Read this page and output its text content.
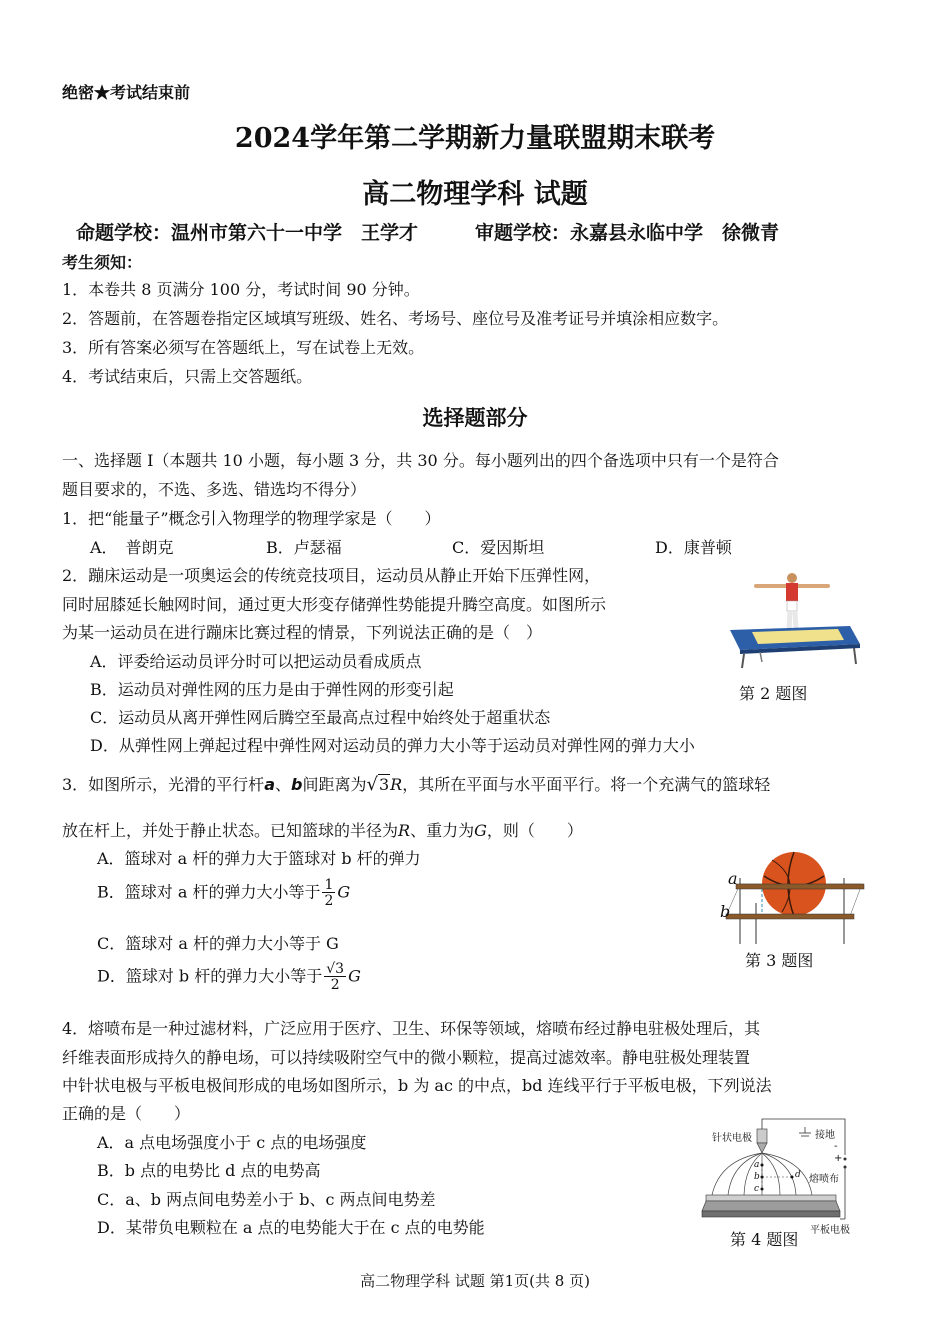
绝密★考试结束前
2024学年第二学期新力量联盟期末联考
高二物理学科 试题
命题学校：温州市第六十一中学　王学才　　　审题学校：永嘉县永临中学　徐微青
考生须知：
1．本卷共 8 页满分 100 分，考试时间 90 分钟。
2．答题前，在答题卷指定区域填写班级、姓名、考场号、座位号及准考证号并填涂相应数字。
3．所有答案必须写在答题纸上，写在试卷上无效。
4．考试结束后，只需上交答题纸。
选择题部分
一、选择题 I（本题共 10 小题，每小题 3 分，共 30 分。每小题列出的四个备选项中只有一个是符合
题目要求的，不选、多选、错选均不得分）
1．把“能量子”概念引入物理学的物理学家是（　　）
A．　普朗克	B．卢瑟福	C．爱因斯坦	D．康普顿
2．蹦床运动是一项奥运会的传统竞技项目，运动员从静止开始下压弹性网，
同时屈膝延长触网时间，通过更大形变存储弹性势能提升腾空高度。如图所示
为某一运动员在进行蹦床比赛过程的情景，下列说法正确的是（　）
A．评委给运动员评分时可以把运动员看成质点
B．运动员对弹性网的压力是由于弹性网的形变引起
C．运动员从离开弹性网后腾空至最高点过程中始终处于超重状态
D．从弹性网上弹起过程中弹性网对运动员的弹力大小等于运动员对弹性网的弹力大小
第 2 题图
3．如图所示，光滑的平行杆a、b间距离为√3R，其所在平面与水平面平行。将一个充满气的篮球轻
放在杆上，并处于静止状态。已知篮球的半径为R、重力为G，则（　　）
A．篮球对 a 杆的弹力大于篮球对 b 杆的弹力
B．篮球对 a 杆的弹力大小等于 $\frac{1}{2}$ G
C．篮球对 a 杆的弹力大小等于 G
D．篮球对 b 杆的弹力大小等于 $\frac{√3}{2}$ G
a
b
第 3 题图
4．熔喷布是一种过滤材料，广泛应用于医疗、卫生、环保等领域，熔喷布经过静电驻极处理后，其
纤维表面形成持久的静电场，可以持续吸附空气中的微小颗粒，提高过滤效率。静电驻极处理装置
中针状电极与平板电极间形成的电场如图所示，b 为 ac 的中点，bd 连线平行于平板电极，下列说法
正确的是（　　）
A．a 点电场强度小于 c 点的电场强度
B．b 点的电势比 d 点的电势高
C．a、b 两点间电势差小于 b、c 两点间电势差
D．某带负电颗粒在 a 点的电势能大于在 c 点的电势能
针状电极	接地
-
+
熔喷布
平板电极
a
b
c
d
第 4 题图
高二物理学科 试题 第1页(共 8 页)
